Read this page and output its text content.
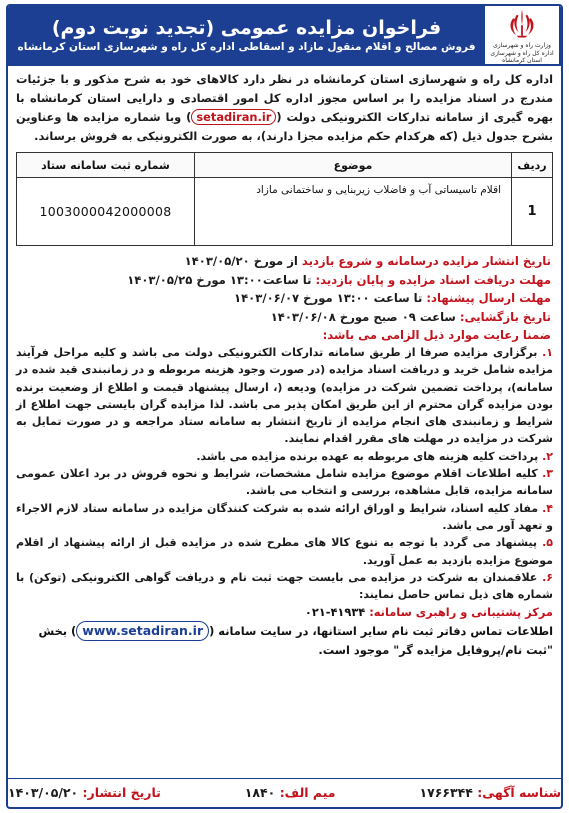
وزارت راه و شهرسازی
اداره کل راه و شهرسازی استان کرمانشاه
فراخوان مزایده عمومی (تجدید نوبت دوم)
فروش مصالح و اقلام منقول مازاد و اسقاطی اداره کل راه و شهرسازی استان کرمانشاه
اداره کل راه و شهرسازی استان کرمانشاه در نظر دارد کالاهای خود به شرح مذکور و با جزئیات مندرج در اسناد مزایده را بر اساس مجوز اداره کل امور اقتصادی و دارایی استان کرمانشاه با بهره گیری از سامانه تدارکات الکترونیکی دولت (setadiran.ir) وبا شماره مزایده ها وعناوین بشرح جدول ذیل (که هرکدام حکم مزایده مجزا دارند)، به صورت الکترونیکی به فروش برساند.
ردیف	موضوع	شماره ثبت سامانه ستاد
1	اقلام تاسیساتی آب و فاضلاب زیربنایی و ساختمانی مازاد	1003000042000008
تاریخ انتشار مزایده درسامانه و شروع بازدید از مورخ ۱۴۰۳/۰۵/۲۰
مهلت دریافت اسناد مزایده و پایان بازدید: تا ساعت۱۳:۰۰ مورخ ۱۴۰۳/۰۵/۲۵
مهلت ارسال پیشنهاد: تا ساعت ۱۳:۰۰ مورخ ۱۴۰۳/۰۶/۰۷
تاریخ بازگشایی: ساعت ۰۹ صبح مورخ ۱۴۰۳/۰۶/۰۸
ضمنا رعایت موارد ذیل الزامی می باشد:

۱. برگزاری مزایده صرفا از طریق سامانه تدارکات الکترونیکی دولت می باشد و کلیه مراحل فرآیند مزایده شامل خرید و دریافت اسناد مزایده (در صورت وجود هزینه مربوطه و در زمانبندی قید شده در سامانه)، پرداخت تضمین شرکت در مزایده) ودیعه (، ارسال پیشنهاد قیمت و اطلاع از وضعیت برنده بودن مزایده گران محترم از این طریق امکان پذیر می باشد. لذا مزایده گران بایستی جهت اطلاع از شرایط و زمانبندی های انجام مزایده از تاریخ انتشار به سامانه ستاد مراجعه و در صورت تمایل به شرکت در مزایده در مهلت های مقرر اقدام نمایند.

۲. پرداخت کلیه هزینه های مربوطه به عهده برنده مزایده می باشد.

۳. کلیه اطلاعات اقلام موضوع مزایده شامل مشخصات، شرایط و نحوه فروش در برد اعلان عمومی سامانه مزایده، قابل مشاهده، بررسی و انتخاب می باشد.

۴. مفاد کلیه اسناد، شرایط و اوراق ارائه شده به شرکت کنندگان مزایده در سامانه ستاد لازم الاجراء و تعهد آور می باشد.

۵. پیشنهاد می گردد با توجه به تنوع کالا های مطرح شده در مزایده قبل از ارائه پیشنهاد از اقلام موضوع مزایده بازدید به عمل آورید.

۶. علاقمندان به شرکت در مزایده می بایست جهت ثبت نام و دریافت گواهی الکترونیکی (توکن) با شماره های ذیل تماس حاصل نمایند:

مرکز پشتیبانی و راهبری سامانه: ۰۲۱-۴۱۹۳۴
اطلاعات تماس دفاتر ثبت نام سایر استانها، در سایت سامانه (www.setadiran.ir) بخش "ثبت نام/پروفایل مزایده گر" موجود است.
شناسه آگهی: ۱۷۶۶۳۴۴
میم الف: ۱۸۴۰
تاریخ انتشار: ۱۴۰۳/۰۵/۲۰
